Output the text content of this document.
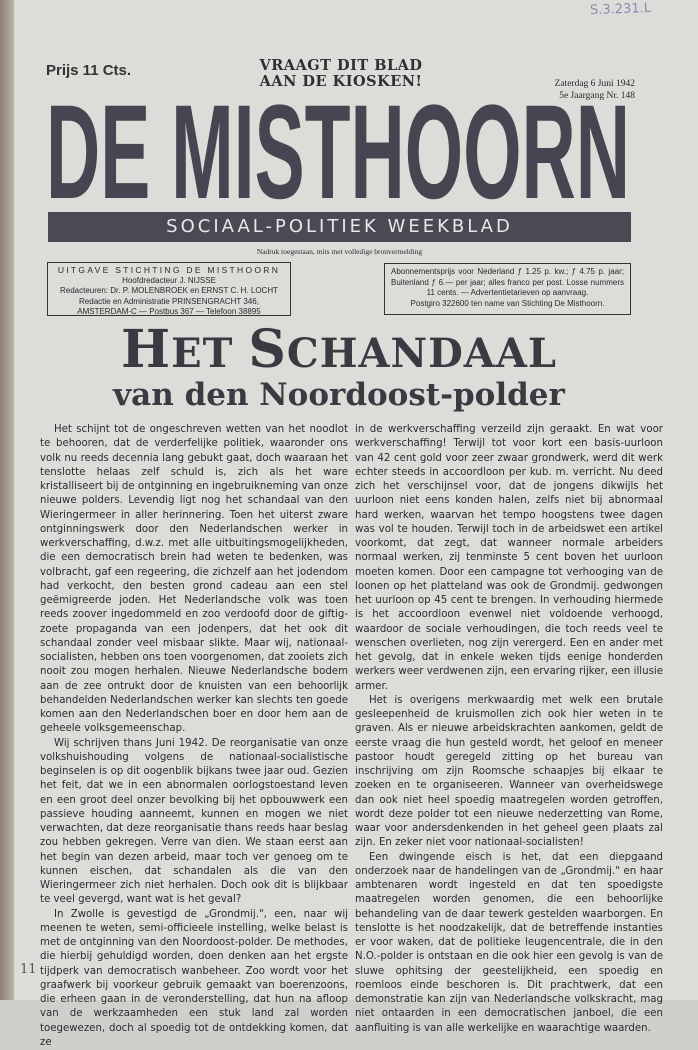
S.3.231.L
Prijs 11 Cts.	VRAAGT DIT BLAD
AAN DE KIOSKEN!	Zaterdag 6 Juni 1942
5e Jaargang Nr. 148
DE MISTHOORN
SOCIAAL-POLITIEK WEEKBLAD
Nadruk toegestaan, mits met volledige bronvermelding
UITGAVE STICHTING DE MISTHOORN
Hoofdredacteur J. NIJSSE
Redacteuren: Dr. P. MOLENBROEK en ERNST C. H. LOCHT
Redactie en Administratie PRINSENGRACHT 346,
AMSTERDAM-C — Postbus 367 — Telefoon 38895
Abonnementsprijs voor Nederland ƒ 1.25 p. kw.; ƒ 4.75 p. jaar; Buitenland ƒ 6.— per jaar; alles franco per post. Losse nummers 11 cents. — Advertentietarieven op aanvraag.
Postgiro 322600 ten name van Stichting De Misthoorn.
HET SCHANDAAL
van den Noordoost-polder

Het schijnt tot de ongeschreven wetten van het noodlot te behooren, dat de verderfelijke politiek, waaronder ons volk nu reeds decennia lang gebukt gaat, doch waaraan het tenslotte helaas zelf schuld is, zich als het ware kristalliseert bij de ontginning en ingebruikneming van onze nieuwe polders. Levendig ligt nog het schandaal van den Wieringermeer in aller herinnering. Toen het uiterst zware ontginningswerk door den Nederlandschen werker in werkverschaffing, d.w.z. met alle uitbuitingsmogelijkheden, die een democratisch brein had weten te bedenken, was volbracht, gaf een regeering, die zichzelf aan het jodendom had verkocht, den besten grond cadeau aan een stel geëmigreerde joden. Het Nederlandsche volk was toen reeds zoover ingedommeld en zoo verdoofd door de giftig-zoete propaganda van een jodenpers, dat het ook dit schandaal zonder veel misbaar slikte. Maar wij, nationaal-socialisten, hebben ons toen voorgenomen, dat zooiets zich nooit zou mogen herhalen. Nieuwe Nederlandsche bodem aan de zee ontrukt door de knuisten van een behoorlijk behandelden Nederlandschen werker kan slechts ten goede komen aan den Nederlandschen boer en door hem aan de geheele volksgemeenschap.

Wij schrijven thans Juni 1942. De reorganisatie van onze volkshuishouding volgens de nationaal-socialistische beginselen is op dit oogenblik bijkans twee jaar oud. Gezien het feit, dat we in een abnormalen oorlogstoestand leven en een groot deel onzer bevolking bij het opbouwwerk een passieve houding aanneemt, kunnen en mogen we niet verwachten, dat deze reorganisatie thans reeds haar beslag zou hebben gekregen. Verre van dien. We staan eerst aan het begin van dezen arbeid, maar toch ver genoeg om te kunnen eischen, dat schandalen als die van den Wieringermeer zich niet herhalen. Doch ook dit is blijkbaar te veel gevergd, want wat is het geval?

In Zwolle is gevestigd de „Grondmij.", een, naar wij meenen te weten, semi-officieele instelling, welke belast is met de ontginning van den Noordoost-polder. De methodes, die hierbij gehuldigd worden, doen denken aan het ergste tijdperk van democratisch wanbeheer. Zoo wordt voor het graafwerk bij voorkeur gebruik gemaakt van boerenzoons, die erheen gaan in de veronderstelling, dat hun na afloop van de werkzaamheden een stuk land zal worden toegewezen, doch al spoedig tot de ontdekking komen, dat ze

in de werkverschaffing verzeild zijn geraakt. En wat voor werkverschaffing! Terwijl tot voor kort een basis-uurloon van 42 cent gold voor zeer zwaar grondwerk, werd dit werk echter steeds in accoordloon per kub. m. verricht. Nu deed zich het verschijnsel voor, dat de jongens dikwijls het uurloon niet eens konden halen, zelfs niet bij abnormaal hard werken, waarvan het tempo hoogstens twee dagen was vol te houden. Terwijl toch in de arbeidswet een artikel voorkomt, dat zegt, dat wanneer normale arbeiders normaal werken, zij tenminste 5 cent boven het uurloon moeten komen. Door een campagne tot verhooging van de loonen op het platteland was ook de Grondmij. gedwongen het uurloon op 45 cent te brengen. In verhouding hiermede is het accoordloon evenwel niet voldoende verhoogd, waardoor de sociale verhoudingen, die toch reeds veel te wenschen overlieten, nog zijn verergerd. Een en ander met het gevolg, dat in enkele weken tijds eenige honderden werkers weer verdwenen zijn, een ervaring rijker, een illusie armer.

Het is overigens merkwaardig met welk een brutale gesleepenheid de kruismollen zich ook hier weten in te graven. Als er nieuwe arbeidskrachten aankomen, geldt de eerste vraag die hun gesteld wordt, het geloof en meneer pastoor houdt geregeld zitting op het bureau van inschrijving om zijn Roomsche schaapjes bij elkaar te zoeken en te organiseeren. Wanneer van overheidswege dan ook niet heel spoedig maatregelen worden getroffen, wordt deze polder tot een nieuwe nederzetting van Rome, waar voor andersdenkenden in het geheel geen plaats zal zijn. En zeker niet voor nationaal-socialisten!

Een dwingende eisch is het, dat een diepgaand onderzoek naar de handelingen van de „Grondmij." en haar ambtenaren wordt ingesteld en dat ten spoedigste maatregelen worden genomen, die een behoorlijke behandeling van de daar tewerk gestelden waarborgen. En tenslotte is het noodzakelijk, dat de betreffende instanties er voor waken, dat de politieke leugencentrale, die in den N.O.-polder is ontstaan en die ook hier een gevolg is van de sluwe ophitsing der geestelijkheid, een spoedig en roemloos einde beschoren is. Dit prachtwerk, dat een demonstratie kan zijn van Nederlandsche volkskracht, mag niet ontaarden in een democratischen janboel, die een aanfluiting is van alle werkelijke en waarachtige waarden.

11
